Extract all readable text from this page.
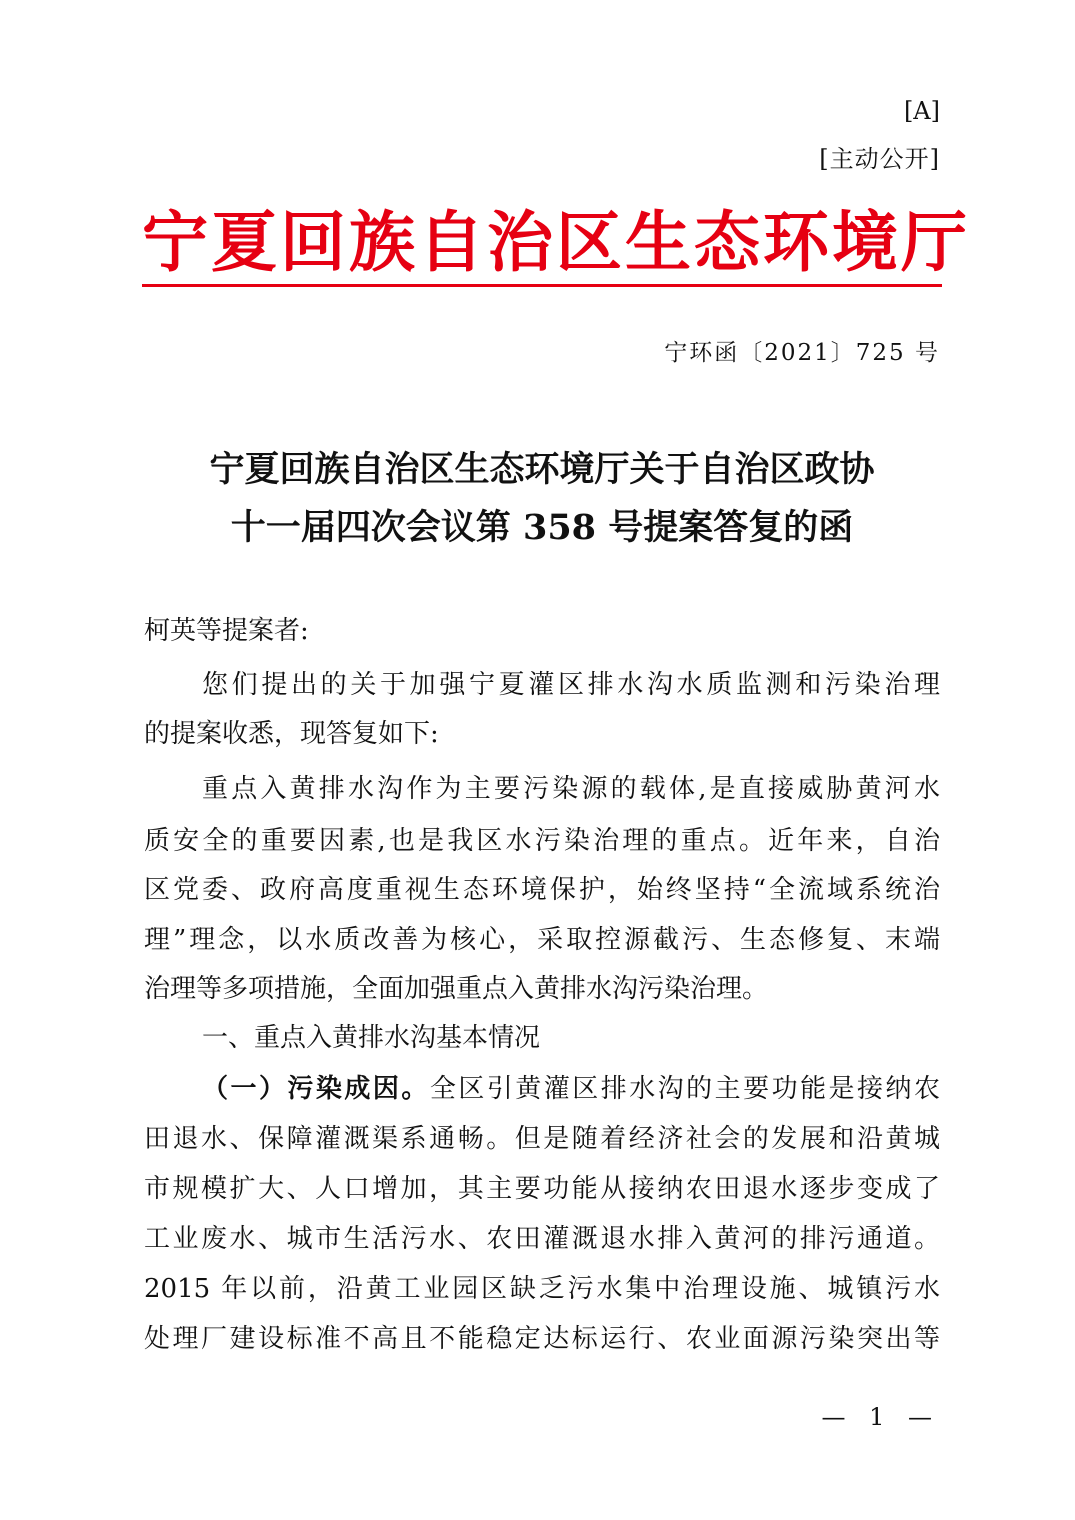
[A]
[主动公开]
宁夏回族自治区生态环境厅
宁环函〔2021〕725 号
宁夏回族自治区生态环境厅关于自治区政协
十一届四次会议第 358 号提案答复的函
柯英等提案者:
您们提出的关于加强宁夏灌区排水沟水质监测和污染治理
的提案收悉，现答复如下:
重点入黄排水沟作为主要污染源的载体,是直接威胁黄河水
质安全的重要因素,也是我区水污染治理的重点。近年来，自治
区党委、政府高度重视生态环境保护，始终坚持“全流域系统治
理”理念，以水质改善为核心，采取控源截污、生态修复、末端
治理等多项措施，全面加强重点入黄排水沟污染治理。
一、重点入黄排水沟基本情况
（一）污染成因。全区引黄灌区排水沟的主要功能是接纳农
田退水、保障灌溉渠系通畅。但是随着经济社会的发展和沿黄城
市规模扩大、人口增加，其主要功能从接纳农田退水逐步变成了
工业废水、城市生活污水、农田灌溉退水排入黄河的排污通道。
2015 年以前，沿黄工业园区缺乏污水集中治理设施、城镇污水
处理厂建设标准不高且不能稳定达标运行、农业面源污染突出等
— 1 —
